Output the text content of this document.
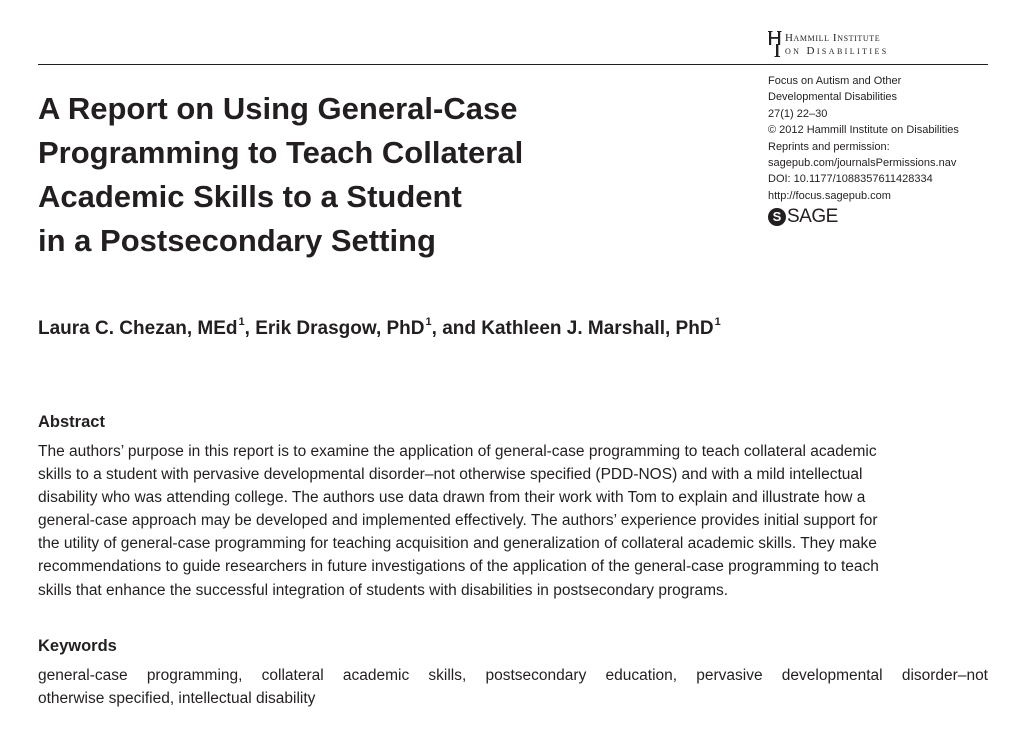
Hammill Institute
on Disabilities
Focus on Autism and Other
Developmental Disabilities
27(1) 22–30
© 2012 Hammill Institute on Disabilities
Reprints and permission:
sagepub.com/journalsPermissions.nav
DOI: 10.1177/1088357611428334
http://focus.sagepub.com
S SAGE
A Report on Using General-Case
Programming to Teach Collateral
Academic Skills to a Student
in a Postsecondary Setting
Laura C. Chezan, MEd$^1$, Erik Drasgow, PhD$^1$, and Kathleen J. Marshall, PhD$^1$
Abstract
The authors’ purpose in this report is to examine the application of general-case programming to teach collateral academic
skills to a student with pervasive developmental disorder–not otherwise specified (PDD-NOS) and with a mild intellectual
disability who was attending college. The authors use data drawn from their work with Tom to explain and illustrate how a
general-case approach may be developed and implemented effectively. The authors’ experience provides initial support for
the utility of general-case programming for teaching acquisition and generalization of collateral academic skills. They make
recommendations to guide researchers in future investigations of the application of the general-case programming to teach
skills that enhance the successful integration of students with disabilities in postsecondary programs.
Keywords
general-case programming, collateral academic skills, postsecondary education, pervasive developmental disorder–not
otherwise specified, intellectual disability
